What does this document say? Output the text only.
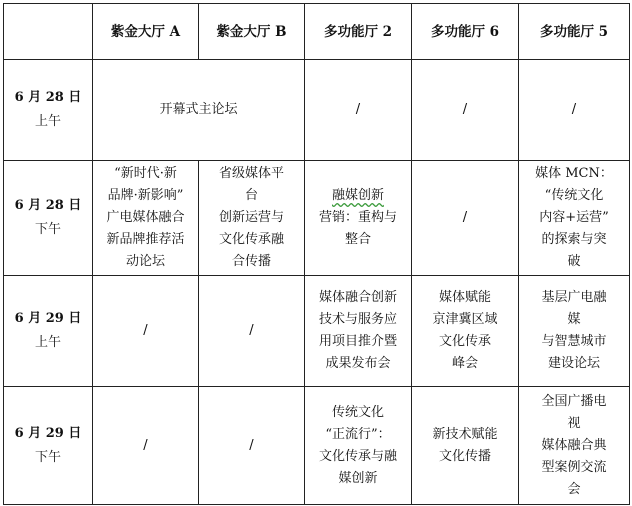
	紫金大厅 A	紫金大厅 B	多功能厅 2	多功能厅 6	多功能厅 5

6 月 28 日
上午	开幕式主论坛		/	/	/

6 月 28 日
下午	“新时代·新
品牌·新影响”
广电媒体融合
新品牌推荐活
动论坛	省级媒体平
台
创新运营与
文化传承融
合传播	融媒创新
营销：重构与
整合	/	媒体 MCN：
“传统文化
内容+运营”
的探索与突
破

6 月 29 日
上午	/	/	媒体融合创新
技术与服务应
用项目推介暨
成果发布会	媒体赋能
京津冀区域
文化传承
峰会	基层广电融
媒
与智慧城市
建设论坛

6 月 29 日
下午	/	/	传统文化
“正流行”：
文化传承与融
媒创新	新技术赋能
文化传播	全国广播电
视
媒体融合典
型案例交流
会
